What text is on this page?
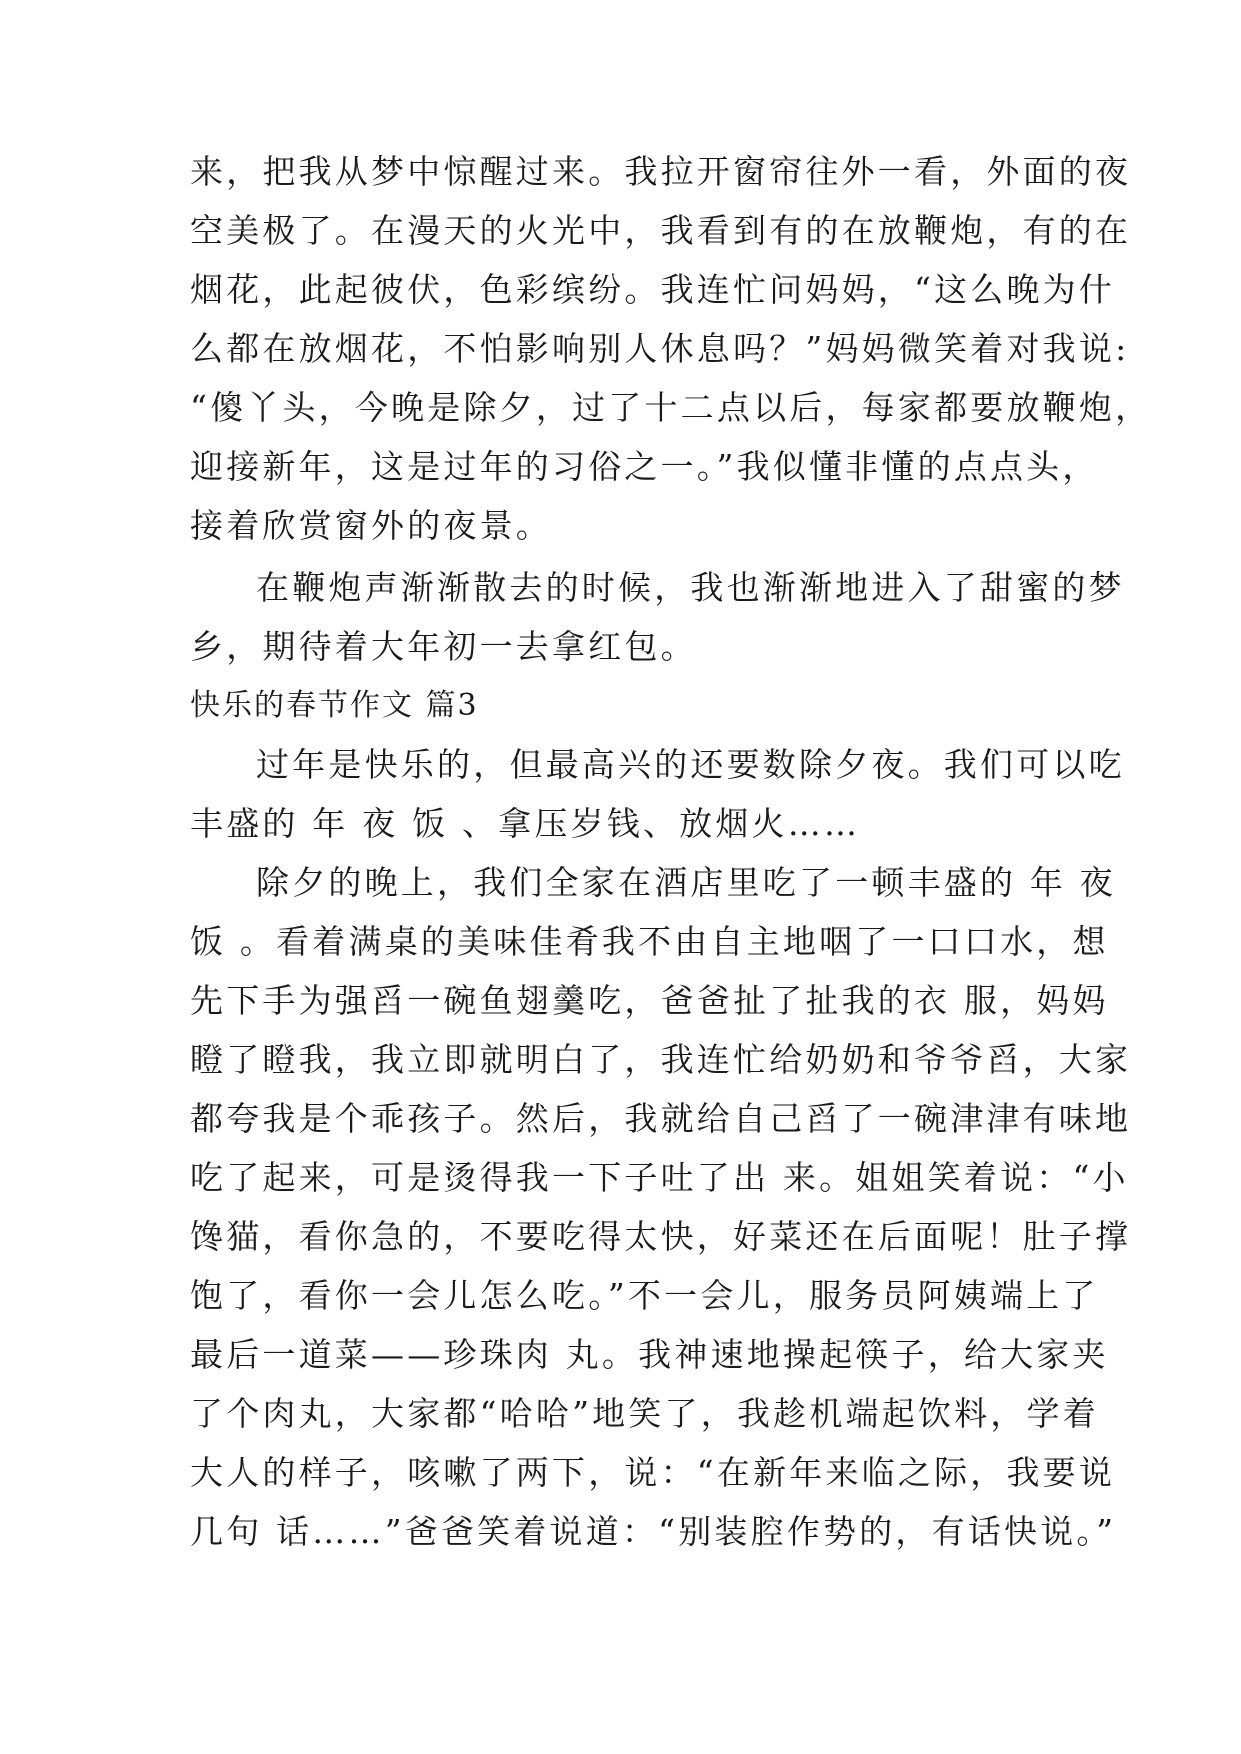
来，把我从梦中惊醒过来。我拉开窗帘往外一看，外面的夜

空美极了。在漫天的火光中，我看到有的在放鞭炮，有的在

烟花，此起彼伏，色彩缤纷。我连忙问妈妈，“这么晚为什

么都在放烟花，不怕影响别人休息吗？”妈妈微笑着对我说:

“傻丫头，今晚是除夕，过了十二点以后，每家都要放鞭炮，

迎接新年，这是过年的习俗之一。”我似懂非懂的点点头，

接着欣赏窗外的夜景。

在鞭炮声渐渐散去的时候，我也渐渐地进入了甜蜜的梦

乡，期待着大年初一去拿红包。

快乐的春节作文 篇3

过年是快乐的，但最高兴的还要数除夕夜。我们可以吃

丰盛的 年 夜 饭 、拿压岁钱、放烟火……

除夕的晚上，我们全家在酒店里吃了一顿丰盛的 年 夜

饭 。看着满桌的美味佳肴我不由自主地咽了一口口水，想

先下手为强舀一碗鱼翅羹吃，爸爸扯了扯我的衣 服，妈妈

瞪了瞪我，我立即就明白了，我连忙给奶奶和爷爷舀，大家

都夸我是个乖孩子。然后，我就给自己舀了一碗津津有味地

吃了起来，可是烫得我一下子吐了出 来。姐姐笑着说：“小

馋猫，看你急的，不要吃得太快，好菜还在后面呢！肚子撑

饱了，看你一会儿怎么吃。”不一会儿，服务员阿姨端上了

最后一道菜——珍珠肉 丸。我神速地操起筷子，给大家夹

了个肉丸，大家都“哈哈”地笑了，我趁机端起饮料，学着

大人的样子，咳嗽了两下，说：“在新年来临之际，我要说

几句 话……”爸爸笑着说道：“别装腔作势的，有话快说。”
